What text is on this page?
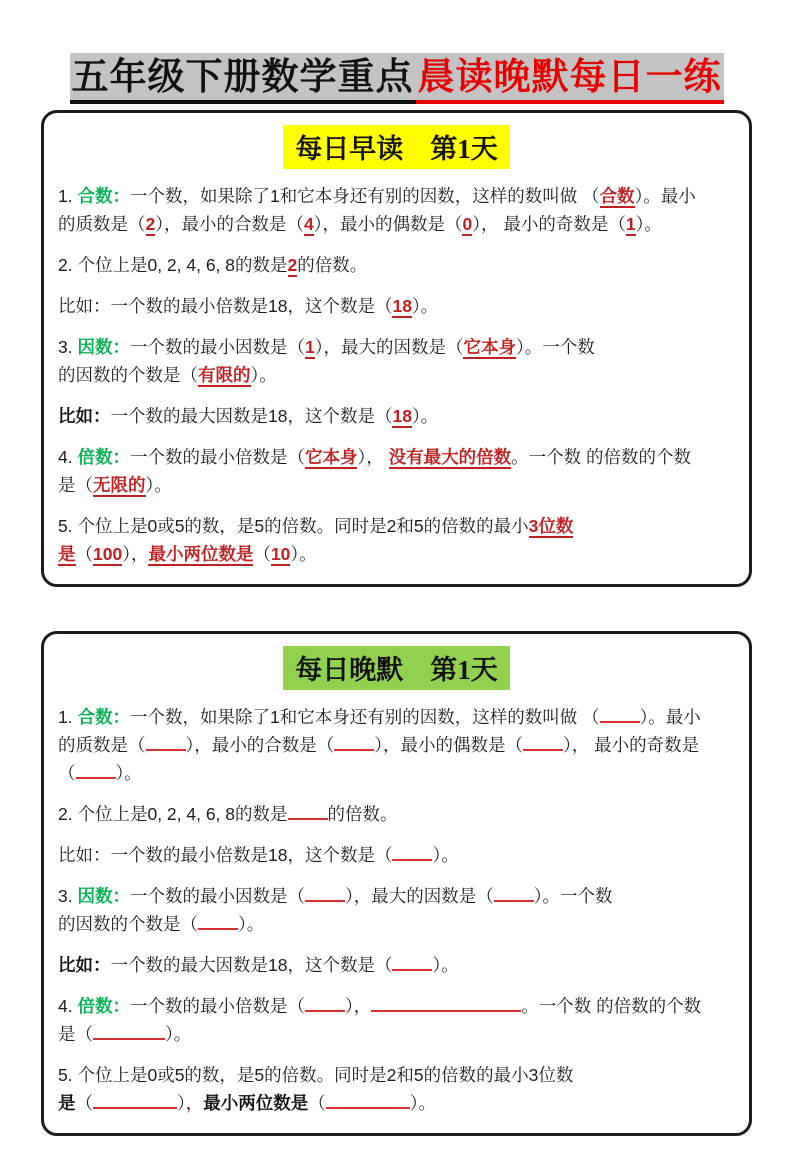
五年级下册数学重点 晨读晚默每日一练
每日早读　第1天

1. 合数：一个数，如果除了1和它本身还有别的因数，这样的数叫做 （合数）。最小
的质数是（2），最小的合数是（4），最小的偶数是（0）， 最小的奇数是（1）。

2. 个位上是0, 2, 4, 6, 8的数是2的倍数。

比如：一个数的最小倍数是18，这个数是（18）。

3. 因数：一个数的最小因数是（1），最大的因数是（它本身）。一个数
的因数的个数是（有限的）。

比如：一个数的最大因数是18，这个数是（18）。

4. 倍数：一个数的最小倍数是（它本身）， 没有最大的倍数。一个数 的倍数的个数
是（无限的）。

5. 个位上是0或5的数，是5的倍数。同时是2和5的倍数的最小3位数
是（100），最小两位数是（10）。

每日晚默　第1天

1. 合数：一个数，如果除了1和它本身还有别的因数，这样的数叫做 （ ）。最小
的质数是（ ），最小的合数是（ ），最小的偶数是（ ）， 最小的奇数是
（ ）。

2. 个位上是0, 2, 4, 6, 8的数是 的倍数。

比如：一个数的最小倍数是18，这个数是（ ）。

3. 因数：一个数的最小因数是（ ），最大的因数是（ ）。一个数
的因数的个数是（ ）。

比如：一个数的最大因数是18，这个数是（ ）。

4. 倍数：一个数的最小倍数是（ ），	。一个数 的倍数的个数
是（	）。

5. 个位上是0或5的数，是5的倍数。同时是2和5的倍数的最小3位数
是（	），最小两位数是（	）。
